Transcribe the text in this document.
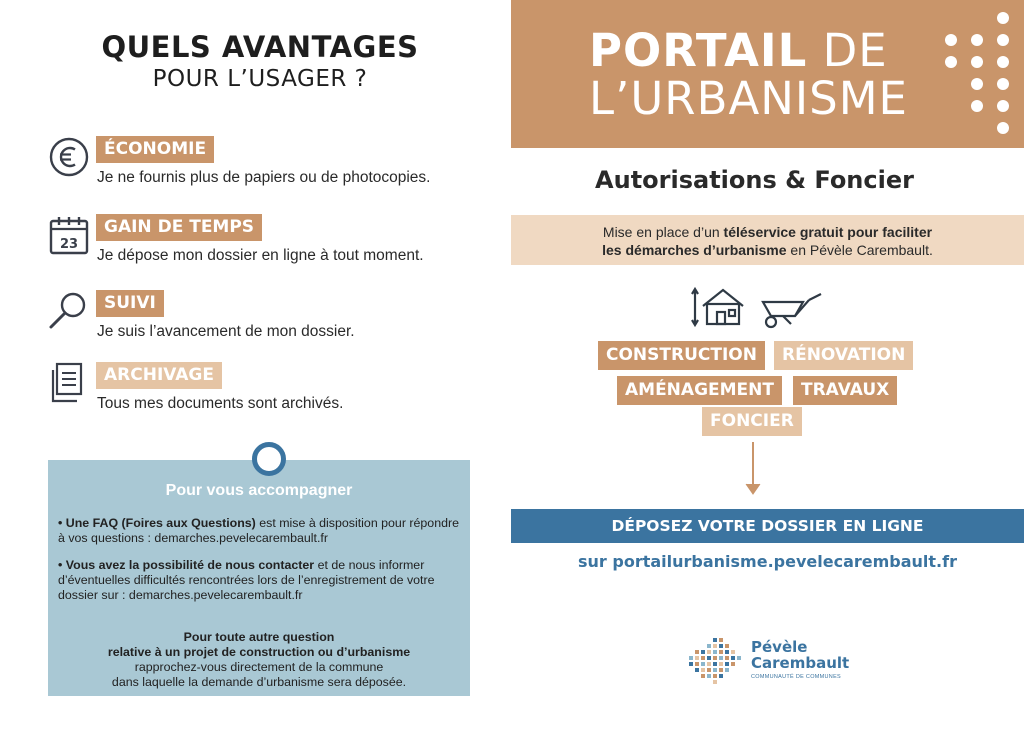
QUELS AVANTAGES
POUR L’USAGER ?
ÉCONOMIE
Je ne fournis plus de papiers ou de photocopies.
23
GAIN DE TEMPS
Je dépose mon dossier en ligne à tout moment.
SUIVI
Je suis l’avancement de mon dossier.
ARCHIVAGE
Tous mes documents sont archivés.
Pour vous accompagner
• Une FAQ (Foires aux Questions) est mise à disposition pour répondre à vos questions : demarches.pevelecarembault.fr
• Vous avez la possibilité de nous contacter et de nous informer d’éventuelles difficultés rencontrées lors de l’enregistrement de votre dossier sur : demarches.pevelecarembault.fr
Pour toute autre question
relative à un projet de construction ou d’urbanisme
rapprochez-vous directement de la commune
dans laquelle la demande d’urbanisme sera déposée.
PORTAIL DE
L’URBANISME
Autorisations & Foncier
Mise en place d’un téléservice gratuit pour faciliter
les démarches d’urbanisme en Pévèle Carembault.
CONSTRUCTION	RÉNOVATION
AMÉNAGEMENT	TRAVAUX
FONCIER
DÉPOSEZ VOTRE DOSSIER EN LIGNE
sur portailurbanisme.pevelecarembault.fr
Pévèle
Carembault
COMMUNAUTÉ DE COMMUNES
